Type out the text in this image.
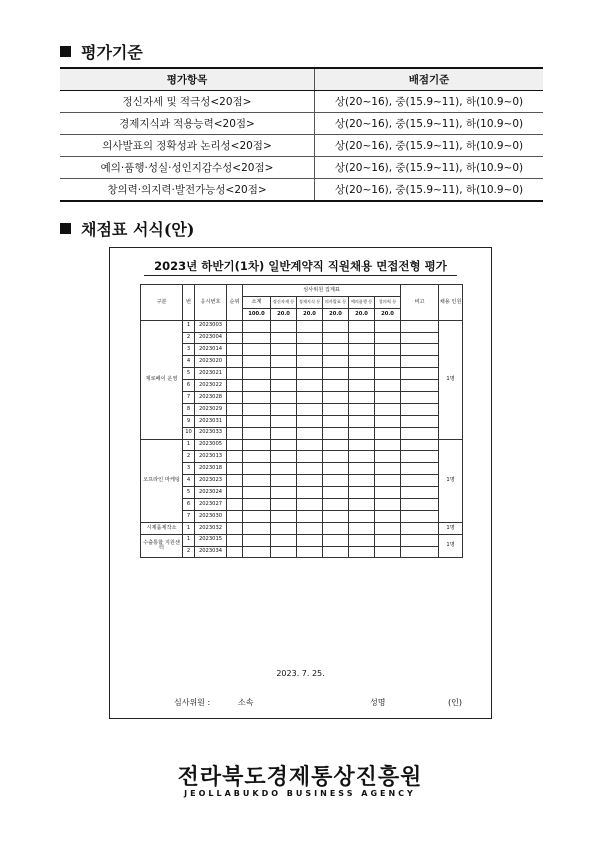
평가기준
평가항목	배점기준
정신자세 및 적극성<20점>	상(20~16), 중(15.9~11), 하(10.9~0)
경제지식과 적용능력<20점>	상(20~16), 중(15.9~11), 하(10.9~0)
의사발표의 정확성과 논리성<20점>	상(20~16), 중(15.9~11), 하(10.9~0)
예의·품행·성실·성인지감수성<20점>	상(20~16), 중(15.9~11), 하(10.9~0)
창의력·의지력·발전가능성<20점>	상(20~16), 중(15.9~11), 하(10.9~0)
채점표 서식(안)
2023년 하반기(1차) 일반계약직 직원채용 면접전형 평가
구분	번	응시번호	순위	심사위원 집계표						비고	채용 인원
				소계	정신자세 등	경제지식 등	의사발표 등	예의품행 등	창의력 등		
				100.0	20.0	20.0	20.0	20.0	20.0		
제로페이 운영	1	2023003									1명
	2	2023004									
	3	2023014									
	4	2023020									
	5	2023021									
	6	2023022									
	7	2023028									
	8	2023029									
	9	2023031									
	10	2023033									
오프라인 마케팅	1	2023005									1명
	2	2023013									
	3	2023018									
	4	2023023									
	5	2023024									
	6	2023027									
	7	2023030									
시제품제작소	1	2023032									1명
수출통합 지원센터	1	2023015									1명
	2	2023034									
2023. 7. 25.
심사위원 :	소속	성명	(인)
전라북도경제통상진흥원
JEOLLABUKDO BUSINESS AGENCY
